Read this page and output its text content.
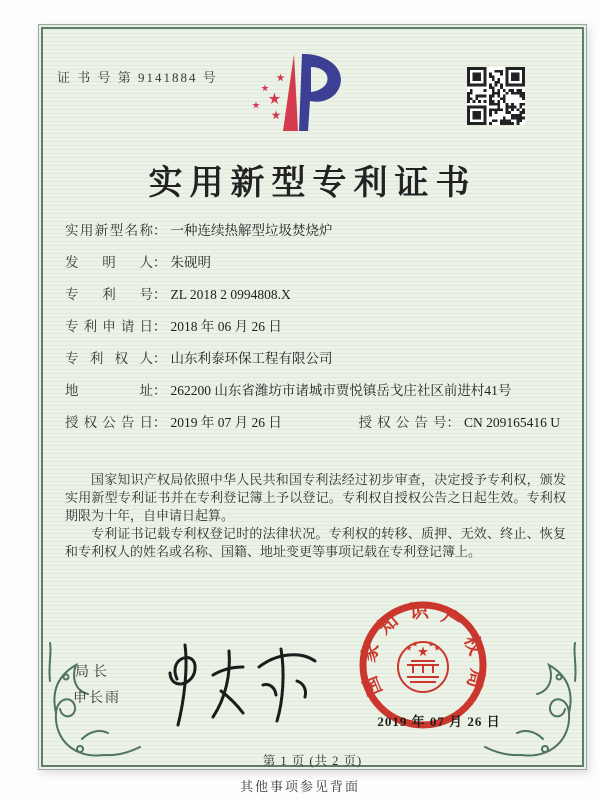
证 书 号 第 9141884 号
实用新型专利证书
实用新型名称 ： 一种连续热解型垃圾焚烧炉
发明人 ： 朱砚明
专利号 ： ZL 2018 2 0994808.X
专利申请日 ： 2018 年 06 月 26 日
专利权人 ： 山东利泰环保工程有限公司
地址 ： 262200 山东省潍坊市诸城市贾悦镇岳戈庄社区前进村41号
授权公告日 ： 2019 年 07 月 26 日	授权公告号 ： CN 209165416 U

国家知识产权局依照中华人民共和国专利法经过初步审查，决定授予专利权，颁发实用新型专利证书并在专利登记簿上予以登记。专利权自授权公告之日起生效。专利权期限为十年，自申请日起算。

专利证书记载专利权登记时的法律状况。专利权的转移、质押、无效、终止、恢复和专利权人的姓名或名称、国籍、地址变更等事项记载在专利登记簿上。

局长
申长雨
国家知识产权局
2019 年 07 月 26 日
第 1 页 (共 2 页)
其他事项参见背面
